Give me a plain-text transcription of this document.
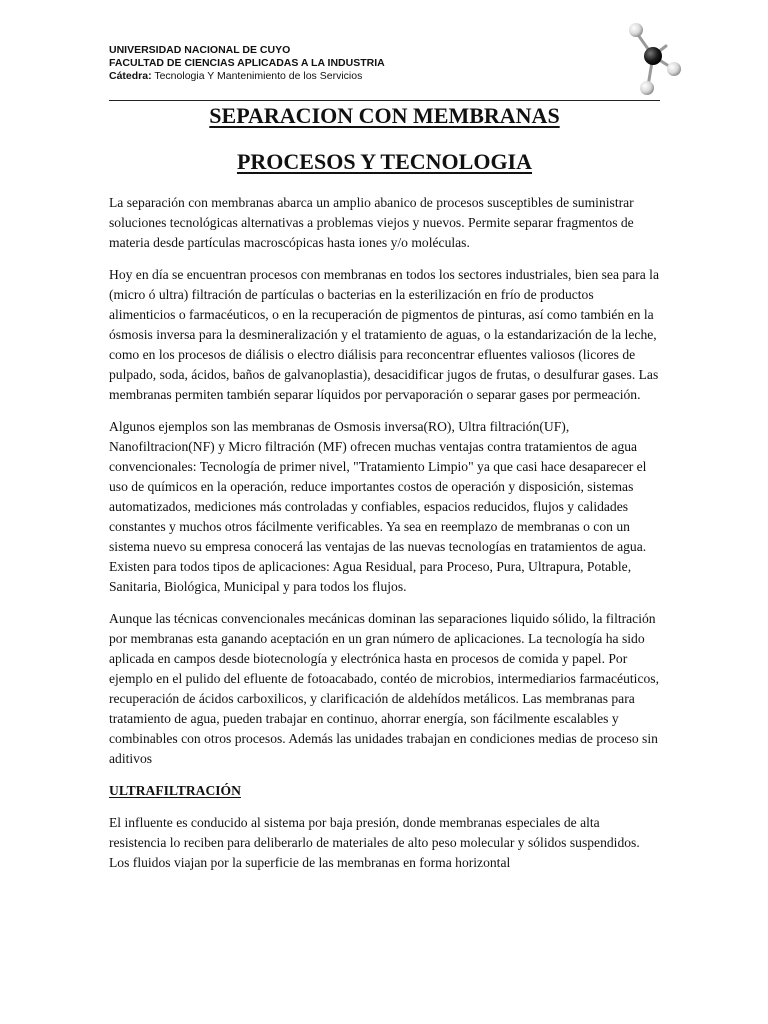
UNIVERSIDAD NACIONAL DE CUYO
FACULTAD DE CIENCIAS APLICADAS A LA INDUSTRIA
Cátedra: Tecnologia Y Mantenimiento de los Servicios
SEPARACION CON MEMBRANAS
PROCESOS Y TECNOLOGIA

La separación con membranas abarca un amplio abanico de procesos susceptibles de suministrar soluciones tecnológicas alternativas a problemas viejos y nuevos. Permite separar fragmentos de materia desde partículas macroscópicas hasta iones y/o moléculas.

Hoy en día se encuentran procesos con membranas en todos los sectores industriales, bien sea para la (micro ó ultra) filtración de partículas o bacterias en la esterilización en frío de productos alimenticios o farmacéuticos, o en la recuperación de pigmentos de pinturas, así como también en la ósmosis inversa para la desmineralización y el tratamiento de aguas, o la estandarización de la leche, como en los procesos de diálisis o electro diálisis para reconcentrar efluentes valiosos (licores de pulpado, soda, ácidos, baños de galvanoplastia), desacidificar jugos de frutas, o desulfurar gases. Las membranas permiten también separar líquidos por pervaporación o separar gases por permeación.

Algunos ejemplos son las membranas de Osmosis inversa(RO), Ultra filtración(UF), Nanofiltracion(NF) y Micro filtración (MF) ofrecen muchas ventajas contra tratamientos de agua convencionales: Tecnología de primer nivel, "Tratamiento Limpio" ya que casi hace desaparecer el uso de químicos en la operación, reduce importantes costos de operación y disposición, sistemas automatizados, mediciones más controladas y confiables, espacios reducidos, flujos y calidades constantes y muchos otros fácilmente verificables. Ya sea en reemplazo de membranas o con un sistema nuevo su empresa conocerá las ventajas de las nuevas tecnologías en tratamientos de agua. Existen para todos tipos de aplicaciones: Agua Residual, para Proceso, Pura, Ultrapura, Potable, Sanitaria, Biológica, Municipal y para todos los flujos.

Aunque las técnicas convencionales mecánicas dominan las separaciones liquido sólido, la filtración por membranas esta ganando aceptación en un gran número de aplicaciones. La tecnología ha sido aplicada en campos desde biotecnología y electrónica hasta en procesos de comida y papel. Por ejemplo en el pulido del efluente de fotoacabado, contéo de microbios, intermediarios farmacéuticos, recuperación de ácidos carboxilicos, y clarificación de aldehídos metálicos. Las membranas para tratamiento de agua, pueden trabajar en continuo, ahorrar energía, son fácilmente escalables y combinables con otros procesos. Además las unidades trabajan en condiciones medias de proceso sin aditivos

ULTRAFILTRACIÓN

El influente es conducido al sistema por baja presión, donde membranas especiales de alta resistencia lo reciben para deliberarlo de materiales de alto peso molecular y sólidos suspendidos. Los fluidos viajan por la superficie de las membranas en forma horizontal
